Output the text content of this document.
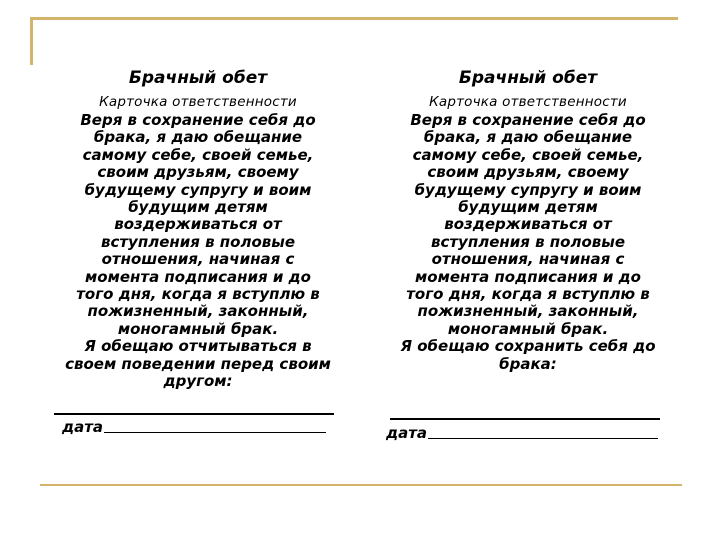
Брачный обет

Карточка ответственности

Веря в сохранение себя до
брака, я даю обещание
самому себе, своей семье,
своим друзьям, своему
будущему супругу и воим
будущим детям
воздерживаться от
вступления в половые
отношения, начиная с
момента подписания и до
того дня, когда я вступлю в
пожизненный, законный,
моногамный брак.
Я обещаю отчитываться в
своем поведении перед своим
другом:
дата

Брачный обет

Карточка ответственности

Веря в сохранение себя до
брака, я даю обещание
самому себе, своей семье,
своим друзьям, своему
будущему супругу и воим
будущим детям
воздерживаться от
вступления в половые
отношения, начиная с
момента подписания и до
того дня, когда я вступлю в
пожизненный, законный,
моногамный брак.
Я обещаю сохранить себя до
брака:
дата
